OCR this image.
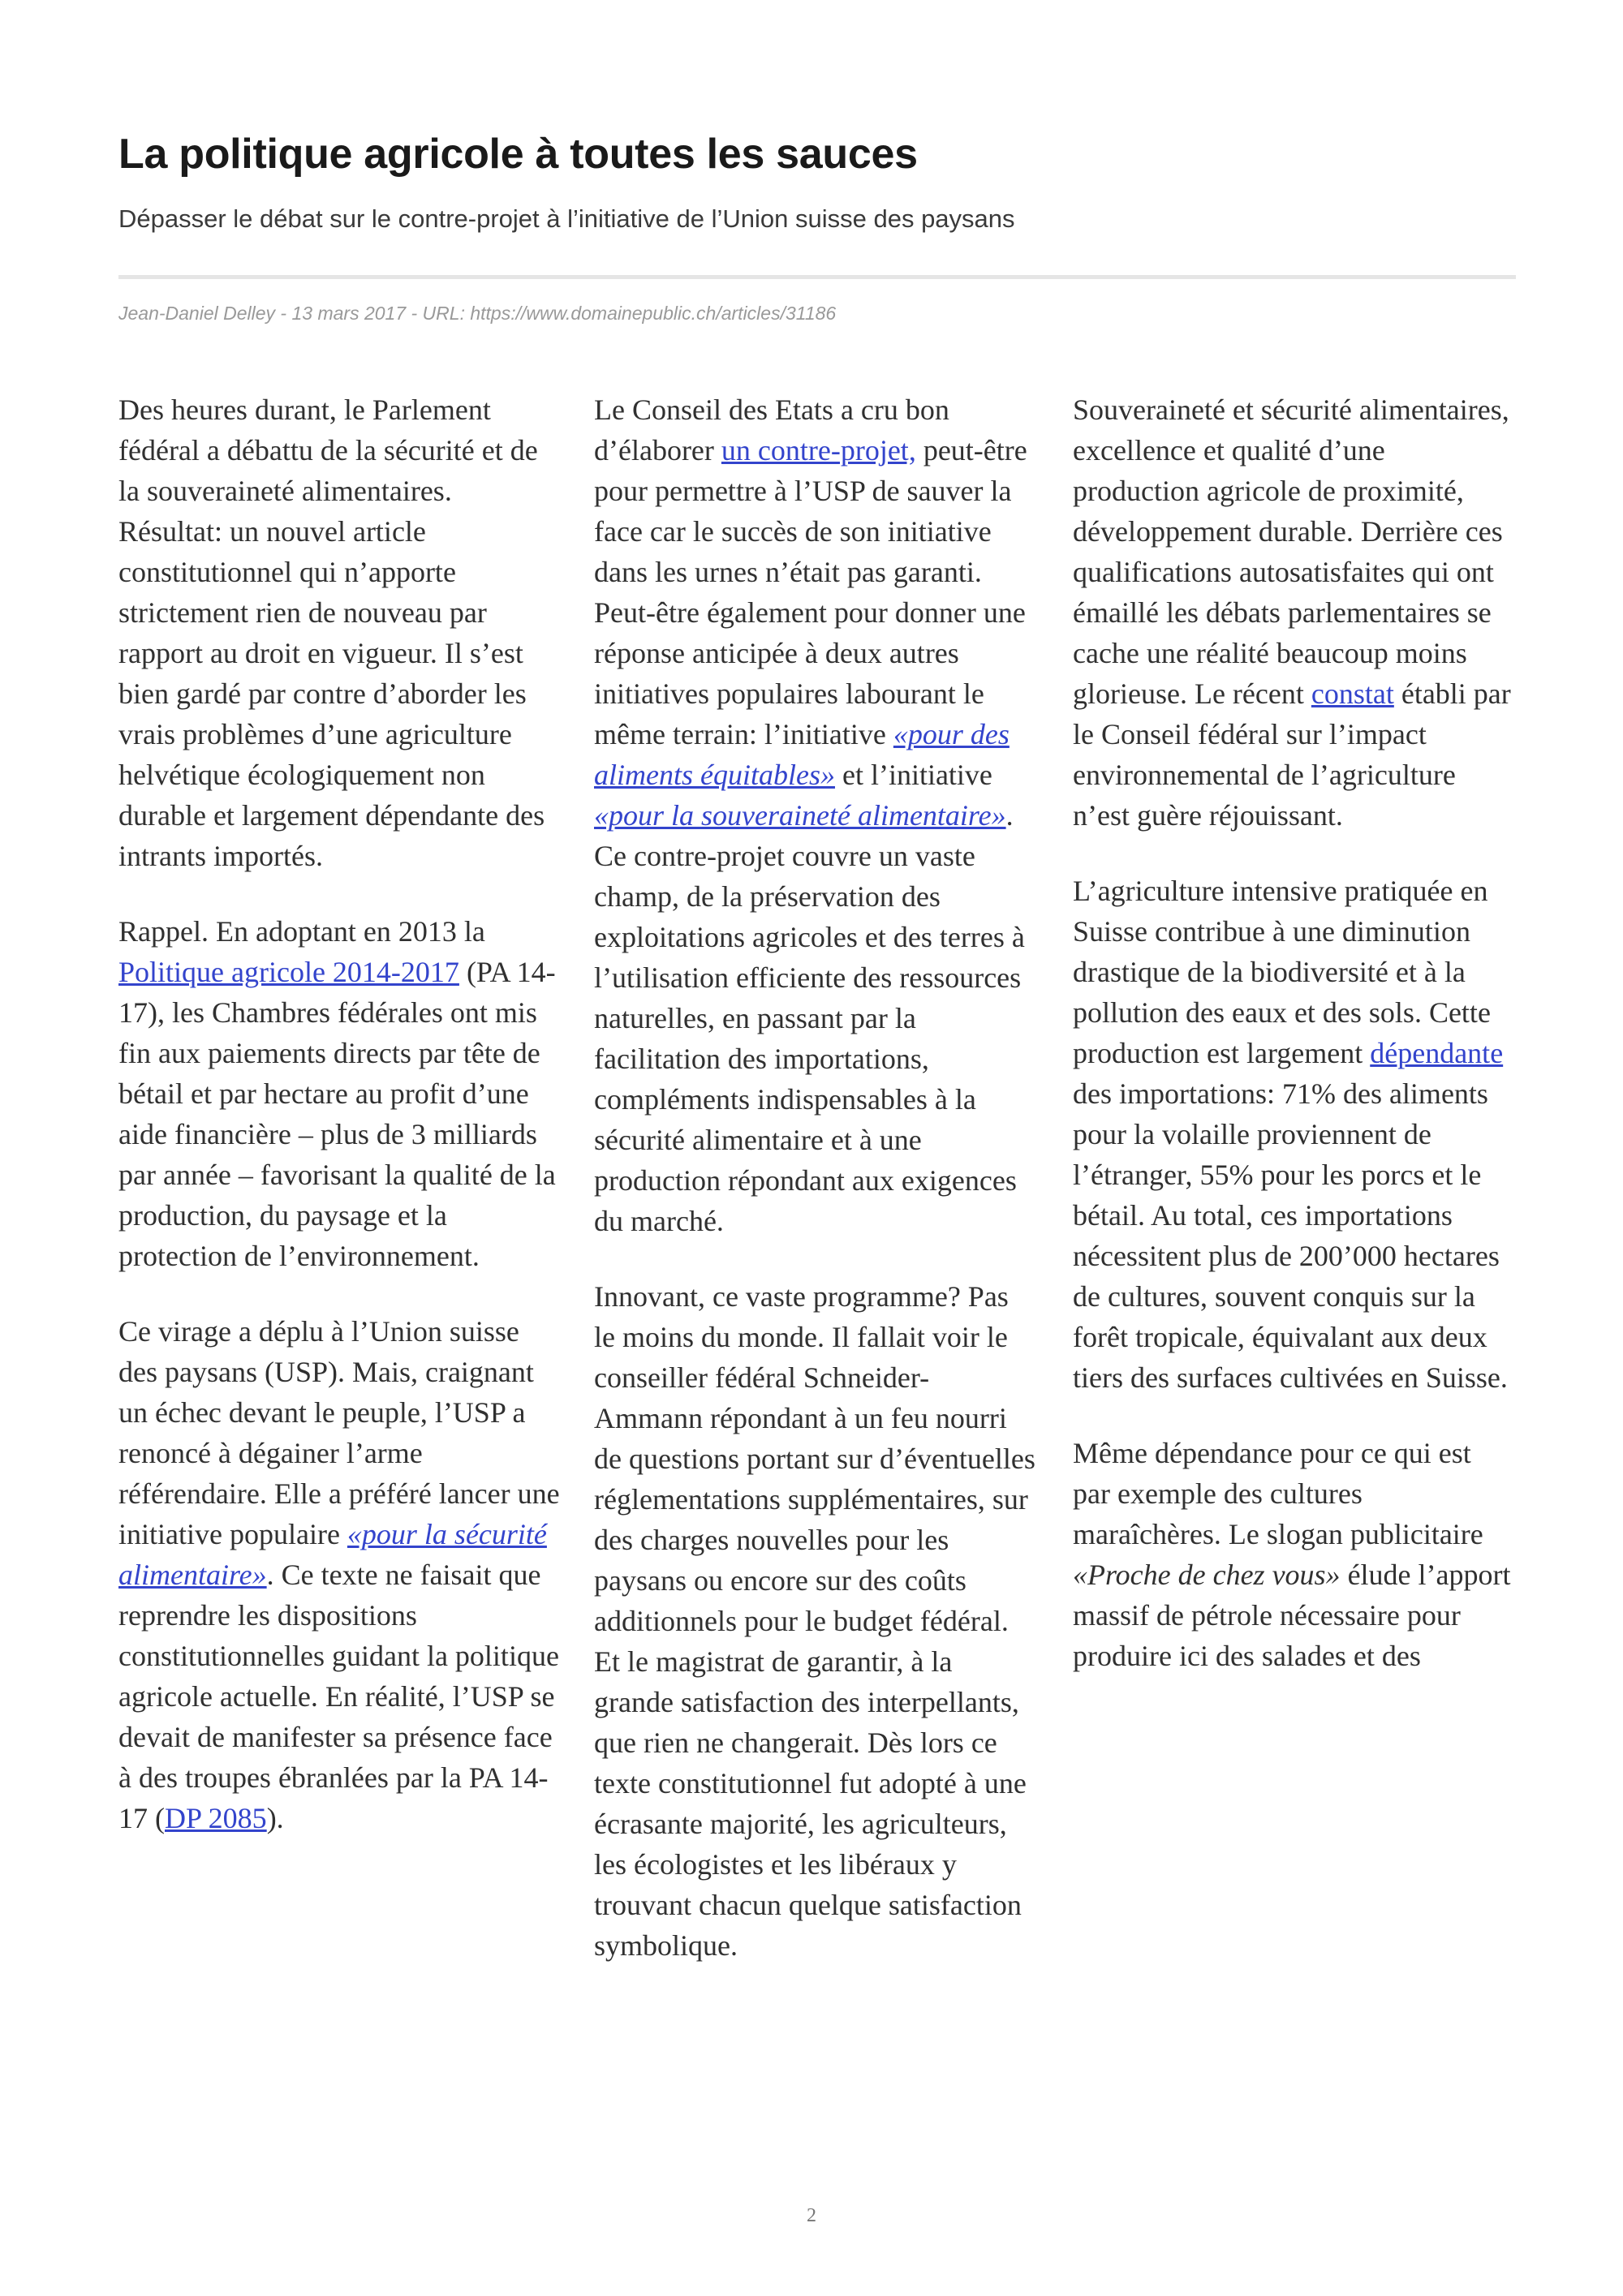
La politique agricole à toutes les sauces
Dépasser le débat sur le contre-projet à l’initiative de l’Union suisse des paysans
Jean-Daniel Delley - 13 mars 2017 - URL: https://www.domainepublic.ch/articles/31186

Des heures durant, le Parlement fédéral a débattu de la sécurité et de la souveraineté alimentaires. Résultat: un nouvel article constitutionnel qui n’apporte strictement rien de nouveau par rapport au droit en vigueur. Il s’est bien gardé par contre d’aborder les vrais problèmes d’une agriculture helvétique écologiquement non durable et largement dépendante des intrants importés.

Rappel. En adoptant en 2013 la Politique agricole 2014-2017 (PA 14-17), les Chambres fédérales ont mis fin aux paiements directs par tête de bétail et par hectare au profit d’une aide financière – plus de 3 milliards par année – favorisant la qualité de la production, du paysage et la protection de l’environnement.

Ce virage a déplu à l’Union suisse des paysans (USP). Mais, craignant un échec devant le peuple, l’USP a renoncé à dégainer l’arme référendaire. Elle a préféré lancer une initiative populaire «pour la sécurité alimentaire». Ce texte ne faisait que reprendre les dispositions constitutionnelles guidant la politique agricole actuelle. En réalité, l’USP se devait de manifester sa présence face à des troupes ébranlées par la PA 14-17 (DP 2085).

Le Conseil des Etats a cru bon d’élaborer un contre-projet, peut-être pour permettre à l’USP de sauver la face car le succès de son initiative dans les urnes n’était pas garanti. Peut-être également pour donner une réponse anticipée à deux autres initiatives populaires labourant le même terrain: l’initiative «pour des aliments équitables» et l’initiative «pour la souveraineté alimentaire». Ce contre-projet couvre un vaste champ, de la préservation des exploitations agricoles et des terres à l’utilisation efficiente des ressources naturelles, en passant par la facilitation des importations, compléments indispensables à la sécurité alimentaire et à une production répondant aux exigences du marché.

Innovant, ce vaste programme? Pas le moins du monde. Il fallait voir le conseiller fédéral Schneider-Ammann répondant à un feu nourri de questions portant sur d’éventuelles réglementations supplémentaires, sur des charges nouvelles pour les paysans ou encore sur des coûts additionnels pour le budget fédéral. Et le magistrat de garantir, à la grande satisfaction des interpellants, que rien ne changerait. Dès lors ce texte constitutionnel fut adopté à une écrasante majorité, les agriculteurs, les écologistes et les libéraux y trouvant chacun quelque satisfaction symbolique.

Souveraineté et sécurité alimentaires, excellence et qualité d’une production agricole de proximité, développement durable. Derrière ces qualifications autosatisfaites qui ont émaillé les débats parlementaires se cache une réalité beaucoup moins glorieuse. Le récent constat établi par le Conseil fédéral sur l’impact environnemental de l’agriculture n’est guère réjouissant.

L’agriculture intensive pratiquée en Suisse contribue à une diminution drastique de la biodiversité et à la pollution des eaux et des sols. Cette production est largement dépendante des importations: 71% des aliments pour la volaille proviennent de l’étranger, 55% pour les porcs et le bétail. Au total, ces importations nécessitent plus de 200’000 hectares de cultures, souvent conquis sur la forêt tropicale, équivalant aux deux tiers des surfaces cultivées en Suisse.

Même dépendance pour ce qui est par exemple des cultures maraîchères. Le slogan publicitaire «Proche de chez vous» élude l’apport massif de pétrole nécessaire pour produire ici des salades et des

2
